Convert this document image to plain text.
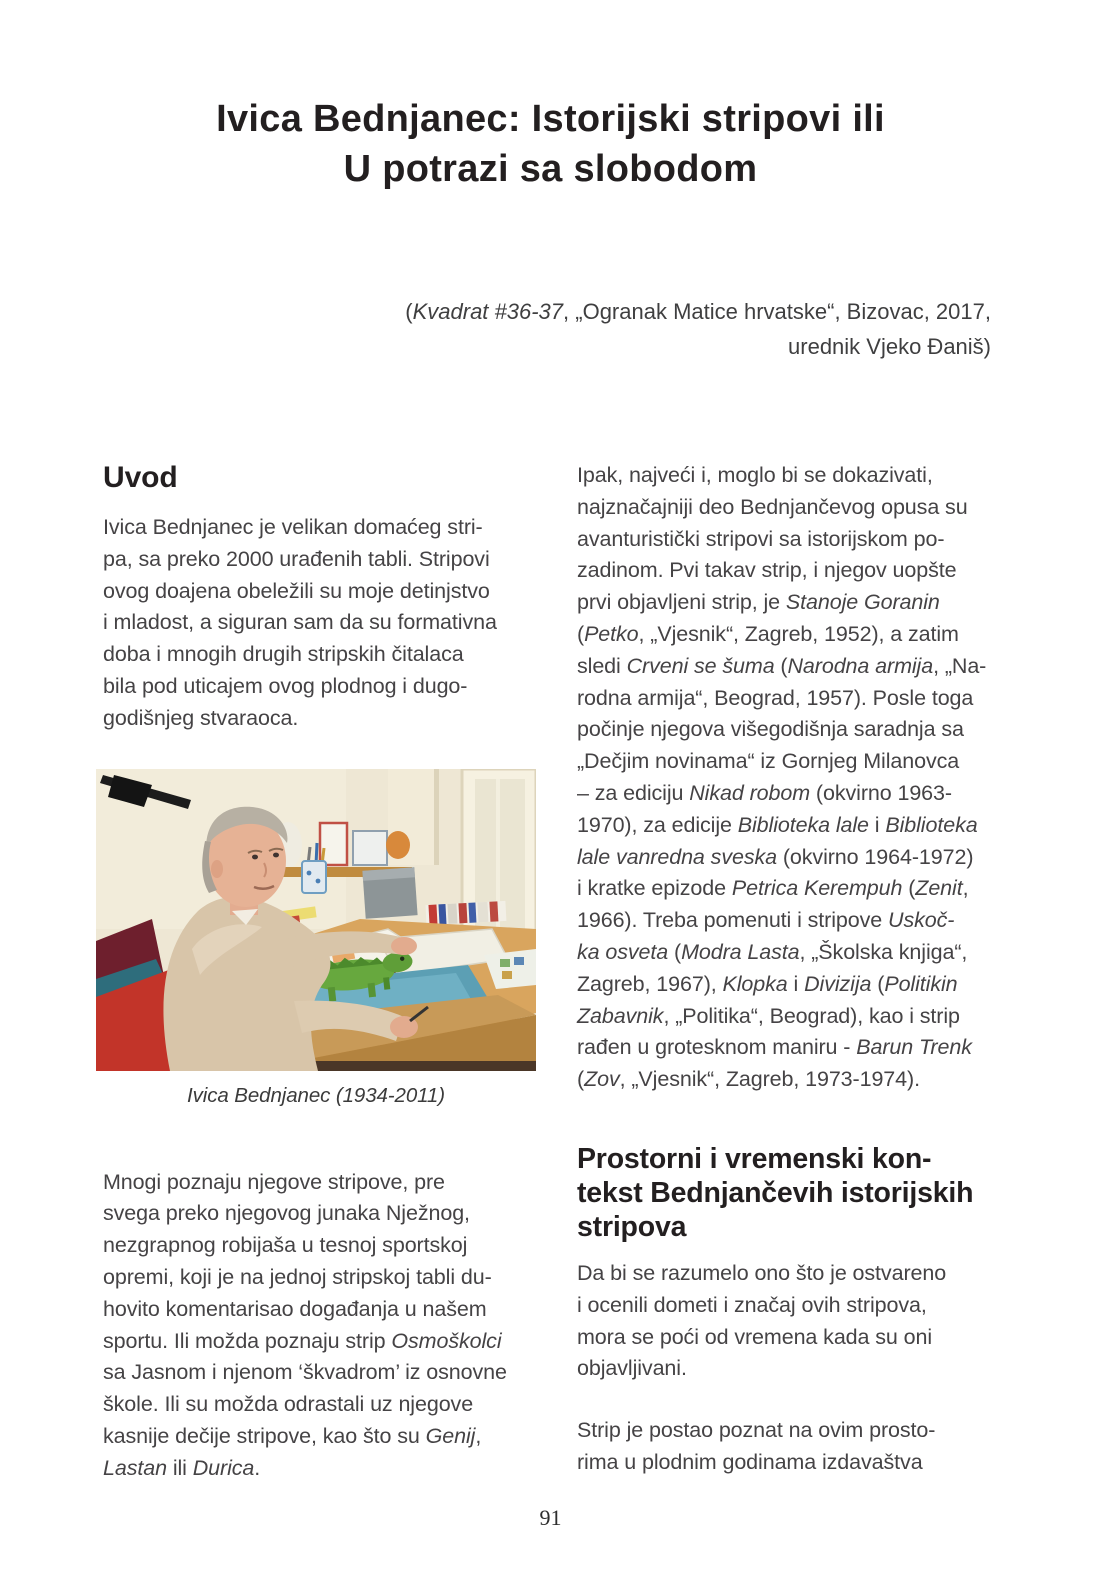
Ivica Bednjanec: Istorijski stripovi ili
U potrazi sa slobodom
(Kvadrat #36-37, „Ogranak Matice hrvatske“, Bizovac, 2017,
urednik Vjeko Đaniš)
Uvod
Ivica Bednjanec je velikan domaćeg stri-
pa, sa preko 2000 urađenih tabli. Stripovi
ovog doajena obeležili su moje detinjstvo
i mladost, a siguran sam da su formativna
doba i mnogih drugih stripskih čitalaca
bila pod uticajem ovog plodnog i dugo-
godišnjeg stvaraoca.
Ivica Bednjanec (1934-2011)
Mnogi poznaju njegove stripove, pre
svega preko njegovog junaka Nježnog,
nezgrapnog robijaša u tesnoj sportskoj
opremi, koji je na jednoj stripskoj tabli du-
hovito komentarisao događanja u našem
sportu. Ili možda poznaju strip Osmoškolci
sa Jasnom i njenom ‘škvadrom’ iz osnovne
škole. Ili su možda odrastali uz njegove
kasnije dečije stripove, kao što su Genij,
Lastan ili Durica.
Ipak, najveći i, moglo bi se dokazivati,
najznačajniji deo Bednjančevog opusa su
avanturistički stripovi sa istorijskom po-
zadinom. Pvi takav strip, i njegov uopšte
prvi objavljeni strip, je Stanoje Goranin
(Petko, „Vjesnik“, Zagreb, 1952), a zatim
sledi Crveni se šuma (Narodna armija, „Na-
rodna armija“, Beograd, 1957). Posle toga
počinje njegova višegodišnja saradnja sa
„Dečjim novinama“ iz Gornjeg Milanovca
– za ediciju Nikad robom (okvirno 1963-
1970), za edicije Biblioteka lale i Biblioteka
lale vanredna sveska (okvirno 1964-1972)
i kratke epizode Petrica Kerempuh (Zenit,
1966). Treba pomenuti i stripove Uskoč-
ka osveta (Modra Lasta, „Školska knjiga“,
Zagreb, 1967), Klopka i Divizija (Politikin
Zabavnik, „Politika“, Beograd), kao i strip
rađen u grotesknom maniru - Barun Trenk
(Zov, „Vjesnik“, Zagreb, 1973-1974).
Prostorni i vremenski kon-
tekst Bednjančevih istorijskih
stripova
Da bi se razumelo ono što je ostvareno
i ocenili dometi i značaj ovih stripova,
mora se poći od vremena kada su oni
objavljivani.
Strip je postao poznat na ovim prosto-
rima u plodnim godinama izdavaštva
91
